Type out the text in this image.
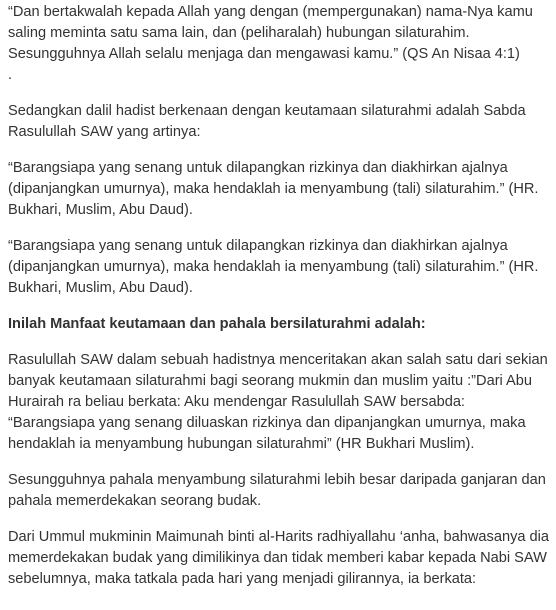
“Dan bertakwalah kepada Allah yang dengan (mempergunakan) nama-Nya kamu saling meminta satu sama lain, dan (peliharalah) hubungan silaturahim. Sesungguhnya Allah selalu menjaga dan mengawasi kamu.” (QS An Nisaa 4:1)

.

Sedangkan dalil hadist berkenaan dengan keutamaan silaturahmi adalah Sabda Rasulullah SAW yang artinya:

“Barangsiapa yang senang untuk dilapangkan rizkinya dan diakhirkan ajalnya (dipanjangkan umurnya), maka hendaklah ia menyambung (tali) silaturahim.” (HR. Bukhari, Muslim, Abu Daud).

“Barangsiapa yang senang untuk dilapangkan rizkinya dan diakhirkan ajalnya (dipanjangkan umurnya), maka hendaklah ia menyambung (tali) silaturahim.” (HR. Bukhari, Muslim, Abu Daud).

Inilah Manfaat keutamaan dan pahala bersilaturahmi adalah:

Rasulullah SAW dalam sebuah hadistnya menceritakan akan salah satu dari sekian banyak keutamaan silaturahmi bagi seorang mukmin dan muslim yaitu :”Dari Abu Hurairah ra beliau berkata: Aku mendengar Rasulullah SAW bersabda: “Barangsiapa yang senang diluaskan rizkinya dan dipanjangkan umurnya, maka hendaklah ia menyambung hubungan silaturahmi” (HR Bukhari Muslim).

Sesungguhnya pahala menyambung silaturahmi lebih besar daripada ganjaran dan pahala memerdekakan seorang budak.

Dari Ummul mukminin Maimunah binti al-Harits radhiyallahu ‘anha, bahwasanya dia memerdekakan budak yang dimilikinya dan tidak memberi kabar kepada Nabi SAW sebelumnya, maka tatkala pada hari yang menjadi gilirannya, ia berkata:
